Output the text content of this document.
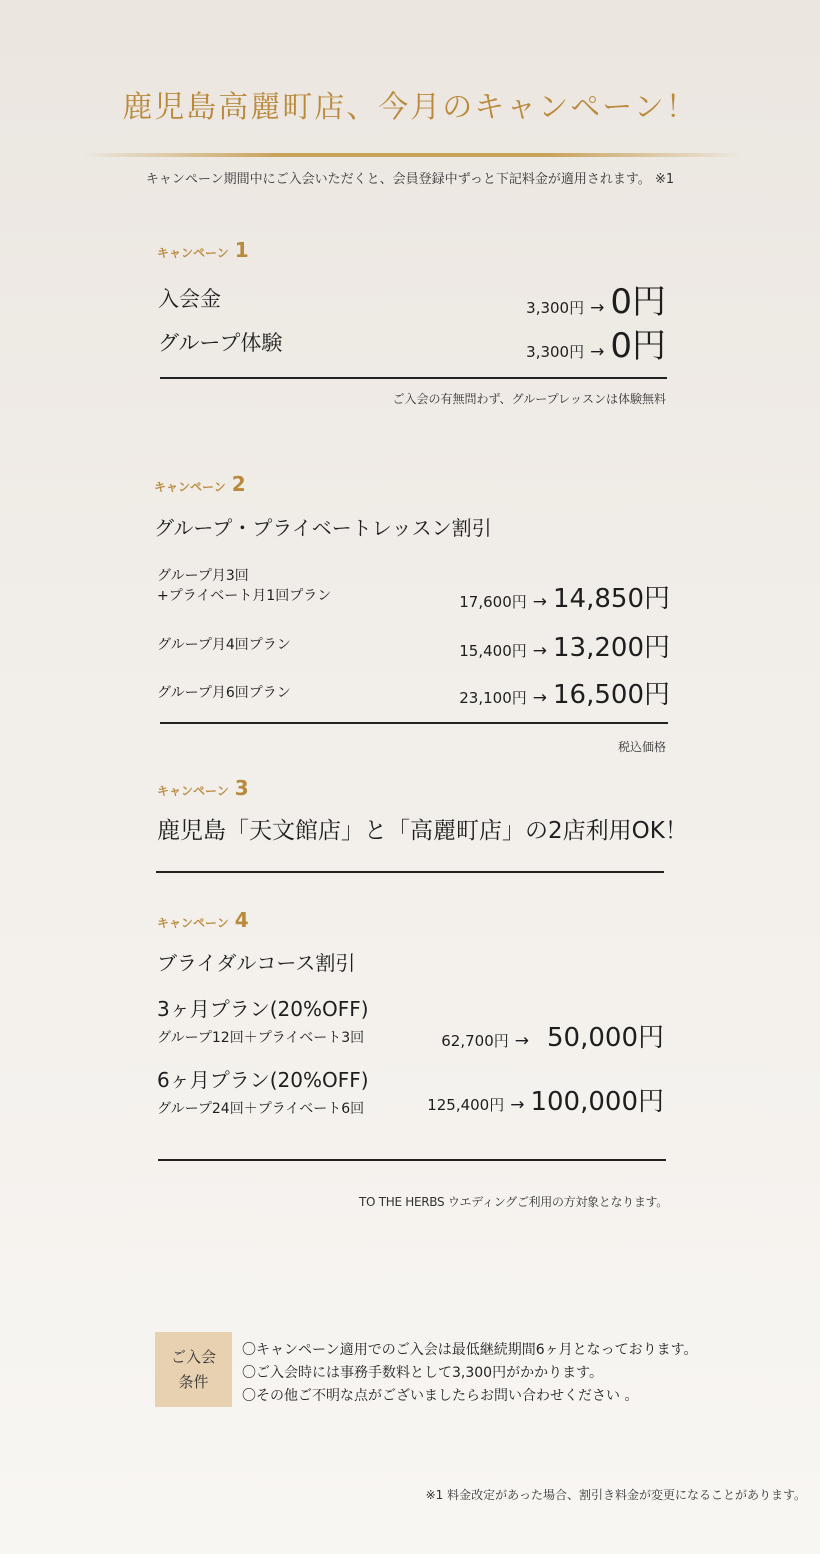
鹿児島高麗町店、今月のキャンペーン！
キャンペーン期間中にご入会いただくと、会員登録中ずっと下記料金が適用されます。 ※1
キャンペーン 1
入会金	3,300円 → 0円
グループ体験	3,300円 → 0円
ご入会の有無問わず、グループレッスンは体験無料
キャンペーン 2
グループ・プライベートレッスン割引
グループ月3回
+プライベート月1回プラン	17,600円 → 14,850円
グループ月4回プラン	15,400円 → 13,200円
グループ月6回プラン	23,100円 → 16,500円
税込価格
キャンペーン 3
鹿児島「天文館店」と「高麗町店」の2店利用OK！
キャンペーン 4
ブライダルコース割引
3ヶ月プラン(20%OFF)
グループ12回＋プライベート3回	62,700円 → 50,000円
6ヶ月プラン(20%OFF)
グループ24回＋プライベート6回	125,400円 → 100,000円
TO THE HERBS ウエディングご利用の方対象となります。
ご入会
条件
〇キャンペーン適用でのご入会は最低継続期間6ヶ月となっております。
〇ご入会時には事務手数料として3,300円がかかります。
〇その他ご不明な点がございましたらお問い合わせください 。
※1 料金改定があった場合、割引き料金が変更になることがあります。
